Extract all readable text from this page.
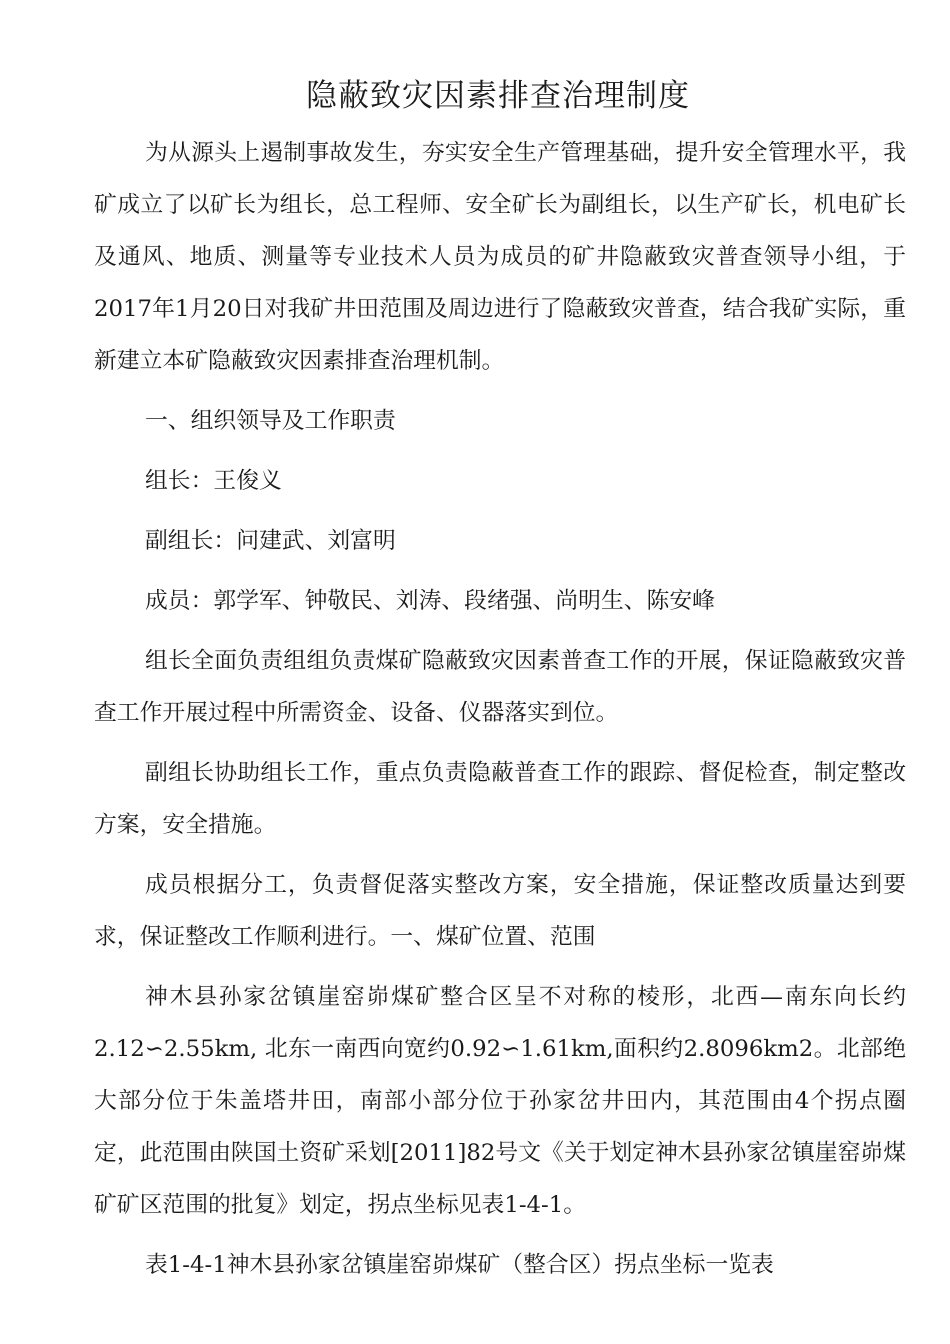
隐蔽致灾因素排查治理制度

为从源头上遏制事故发生，夯实安全生产管理基础，提升安全管理水平，我矿成立了以矿长为组长，总工程师、安全矿长为副组长，以生产矿长，机电矿长及通风、地质、测量等专业技术人员为成员的矿井隐蔽致灾普查领导小组，于2017年1月20日对我矿井田范围及周边进行了隐蔽致灾普查，结合我矿实际，重新建立本矿隐蔽致灾因素排查治理机制。

一、组织领导及工作职责

组长：王俊义

副组长：问建武、刘富明

成员：郭学军、钟敬民、刘涛、段绪强、尚明生、陈安峰

组长全面负责组组负责煤矿隐蔽致灾因素普查工作的开展，保证隐蔽致灾普查工作开展过程中所需资金、设备、仪器落实到位。

副组长协助组长工作，重点负责隐蔽普查工作的跟踪、督促检查，制定整改方案，安全措施。

成员根据分工，负责督促落实整改方案，安全措施，保证整改质量达到要求，保证整改工作顺利进行。一、煤矿位置、范围

神木县孙家岔镇崖窑峁煤矿整合区呈不对称的棱形，北西—南东向长约2.12∽2.55km, 北东一南西向宽约0.92∽1.61km,面积约2.8096km2。北部绝大部分位于朱盖塔井田，南部小部分位于孙家岔井田内，其范围由4个拐点圈定，此范围由陕国土资矿采划[2011]82号文《关于划定神木县孙家岔镇崖窑峁煤矿矿区范围的批复》划定，拐点坐标见表1-4-1。

表1-4-1神木县孙家岔镇崖窑峁煤矿（整合区）拐点坐标一览表
